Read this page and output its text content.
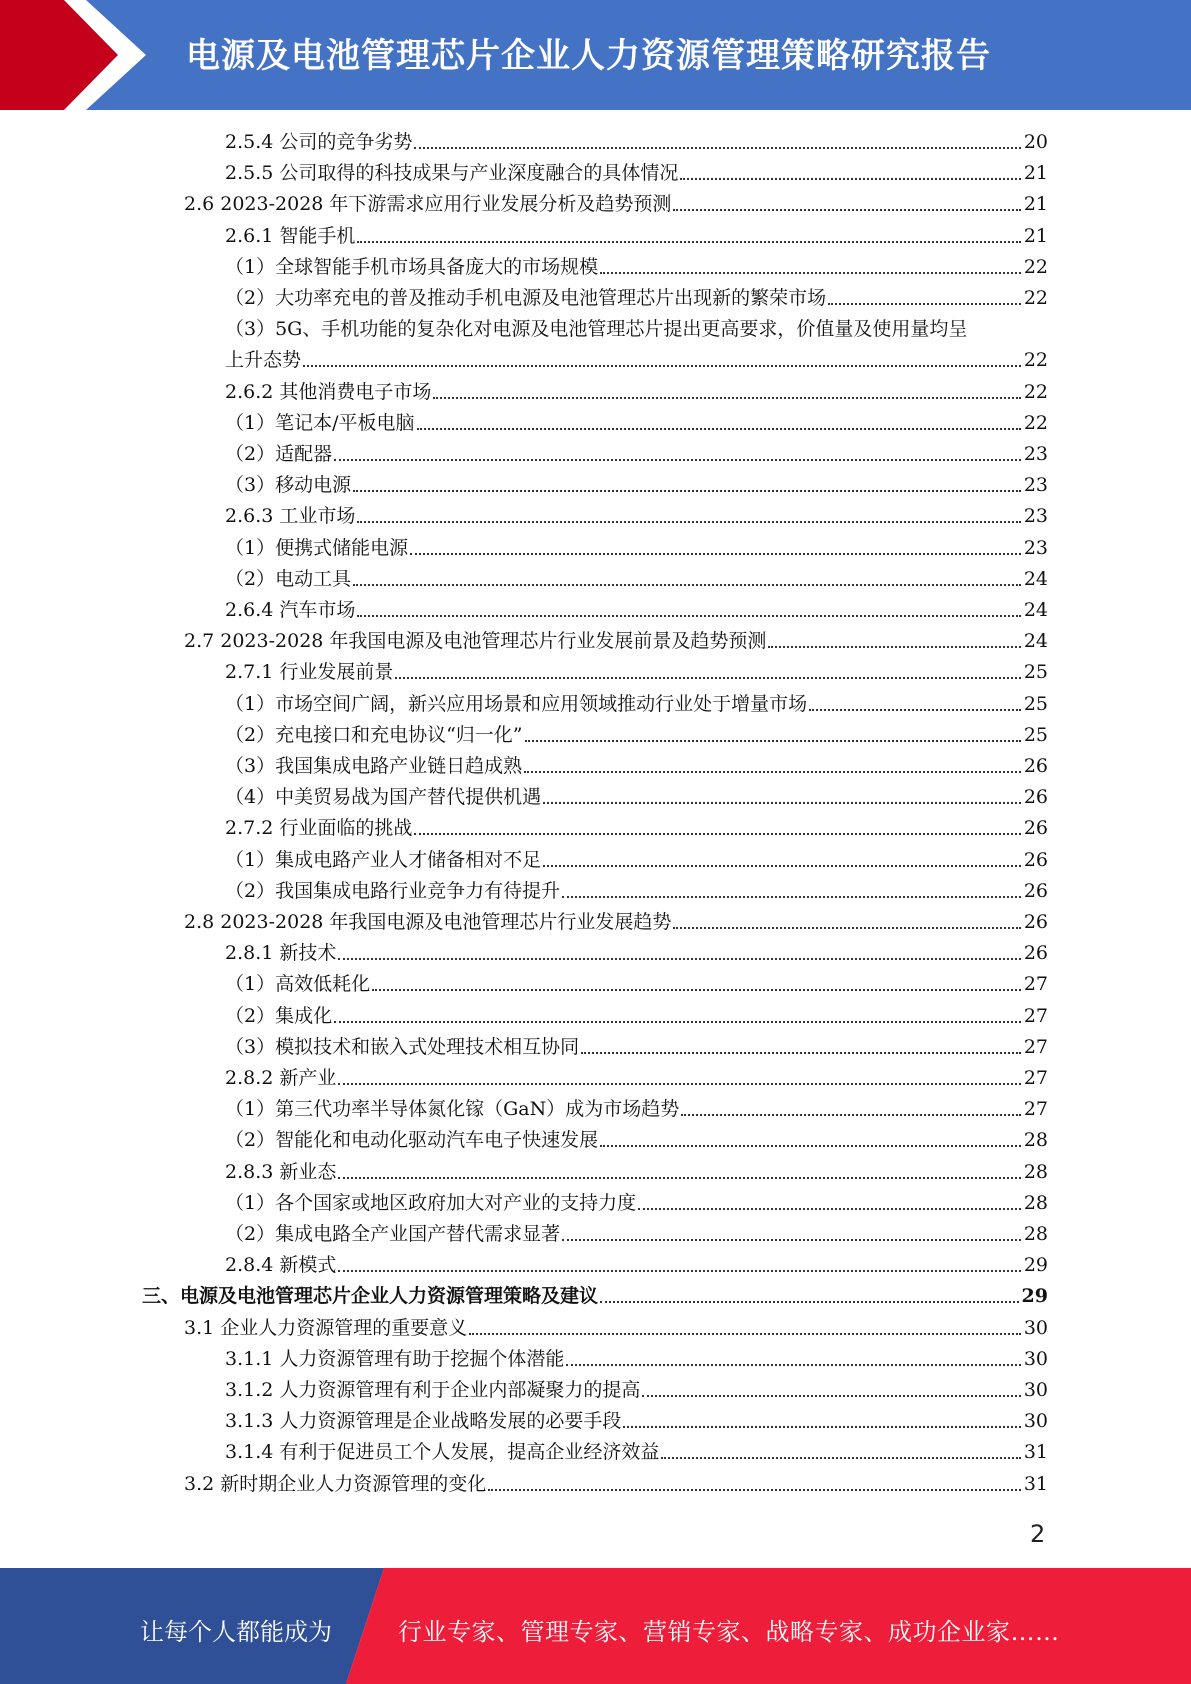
电源及电池管理芯片企业人力资源管理策略研究报告
2.5.4 公司的竞争劣势	20
2.5.5 公司取得的科技成果与产业深度融合的具体情况	21
2.6 2023-2028 年下游需求应用行业发展分析及趋势预测	21
2.6.1 智能手机	21
（1）全球智能手机市场具备庞大的市场规模	22
（2）大功率充电的普及推动手机电源及电池管理芯片出现新的繁荣市场	22
（3）5G、手机功能的复杂化对电源及电池管理芯片提出更高要求，价值量及使用量均呈
上升态势	22
2.6.2 其他消费电子市场	22
（1）笔记本/平板电脑	22
（2）适配器	23
（3）移动电源	23
2.6.3 工业市场	23
（1）便携式储能电源	23
（2）电动工具	24
2.6.4 汽车市场	24
2.7 2023-2028 年我国电源及电池管理芯片行业发展前景及趋势预测	24
2.7.1 行业发展前景	25
（1）市场空间广阔，新兴应用场景和应用领域推动行业处于增量市场	25
（2）充电接口和充电协议“归一化”	25
（3）我国集成电路产业链日趋成熟	26
（4）中美贸易战为国产替代提供机遇	26
2.7.2 行业面临的挑战	26
（1）集成电路产业人才储备相对不足	26
（2）我国集成电路行业竞争力有待提升	26
2.8 2023-2028 年我国电源及电池管理芯片行业发展趋势	26
2.8.1 新技术	26
（1）高效低耗化	27
（2）集成化	27
（3）模拟技术和嵌入式处理技术相互协同	27
2.8.2 新产业	27
（1）第三代功率半导体氮化镓（GaN）成为市场趋势	27
（2）智能化和电动化驱动汽车电子快速发展	28
2.8.3 新业态	28
（1）各个国家或地区政府加大对产业的支持力度	28
（2）集成电路全产业国产替代需求显著	28
2.8.4 新模式	29
三、电源及电池管理芯片企业人力资源管理策略及建议	29
3.1 企业人力资源管理的重要意义	30
3.1.1 人力资源管理有助于挖掘个体潜能	30
3.1.2 人力资源管理有利于企业内部凝聚力的提高	30
3.1.3 人力资源管理是企业战略发展的必要手段	30
3.1.4 有利于促进员工个人发展，提高企业经济效益	31
3.2 新时期企业人力资源管理的变化	31
2
让每个人都能成为	行业专家、管理专家、营销专家、战略专家、成功企业家……
